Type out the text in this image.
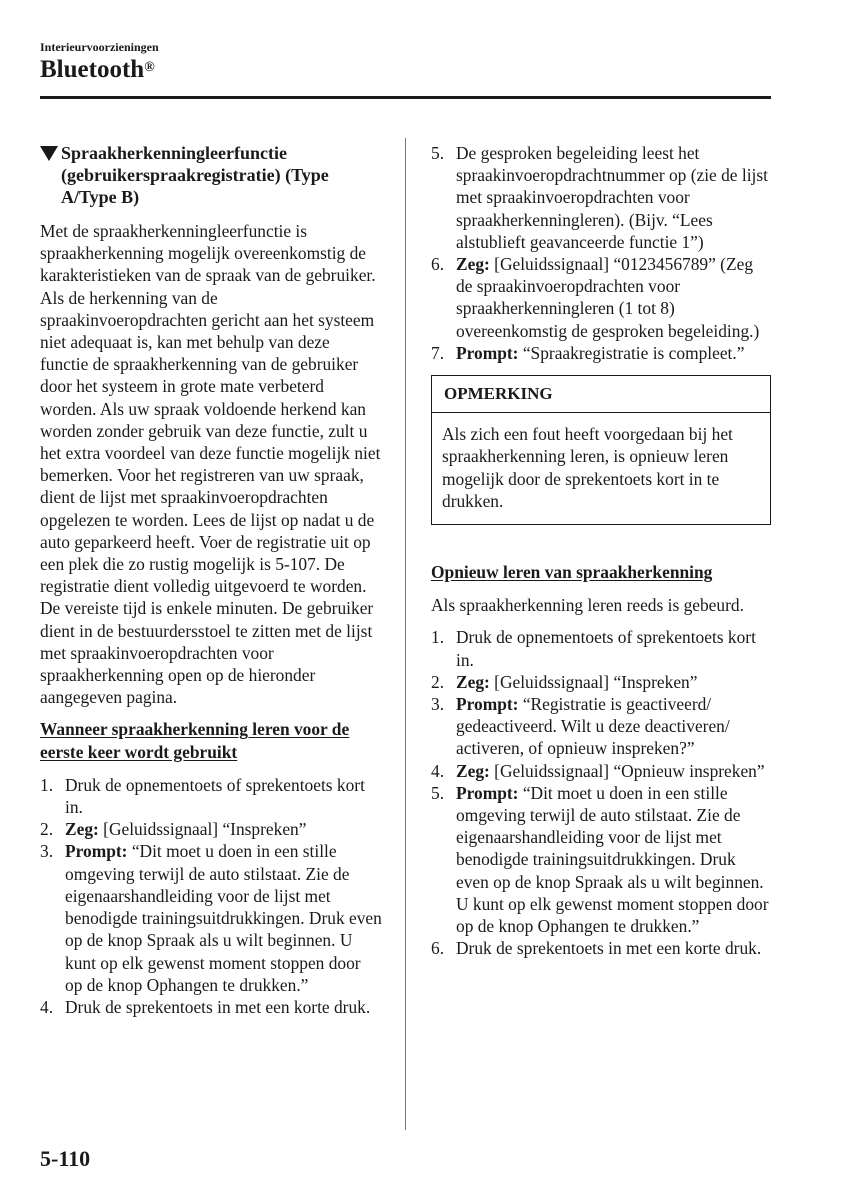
Interieurvoorzieningen
Bluetooth®
Spraakherkenningleerfunctie (gebruikerspraakregistratie) (Type A/Type B)

Met de spraakherkenningleerfunctie is spraakherkenning mogelijk overeenkomstig de karakteristieken van de spraak van de gebruiker. Als de herkenning van de spraakinvoeropdrachten gericht aan het systeem niet adequaat is, kan met behulp van deze functie de spraakherkenning van de gebruiker door het systeem in grote mate verbeterd worden. Als uw spraak voldoende herkend kan worden zonder gebruik van deze functie, zult u het extra voordeel van deze functie mogelijk niet bemerken. Voor het registreren van uw spraak, dient de lijst met spraakinvoeropdrachten opgelezen te worden. Lees de lijst op nadat u de auto geparkeerd heeft. Voer de registratie uit op een plek die zo rustig mogelijk is 5-107. De registratie dient volledig uitgevoerd te worden. De vereiste tijd is enkele minuten. De gebruiker dient in de bestuurdersstoel te zitten met de lijst met spraakinvoeropdrachten voor spraakherkenning open op de hieronder aangegeven pagina.

Wanneer spraakherkenning leren voor de eerste keer wordt gebruikt

1. Druk de opnementoets of sprekentoets kort in.
2. Zeg: [Geluidssignaal] “Inspreken”
3. Prompt: “Dit moet u doen in een stille omgeving terwijl de auto stilstaat. Zie de eigenaarshandleiding voor de lijst met benodigde trainingsuitdrukkingen. Druk even op de knop Spraak als u wilt beginnen. U kunt op elk gewenst moment stoppen door op de knop Ophangen te drukken.”
4. Druk de sprekentoets in met een korte druk.
5. De gesproken begeleiding leest het spraakinvoeropdrachtnummer op (zie de lijst met spraakinvoeropdrachten voor spraakherkenningleren). (Bijv. “Lees alstublieft geavanceerde functie 1”)
6. Zeg: [Geluidssignaal] “0123456789” (Zeg de spraakinvoeropdrachten voor spraakherkenningleren (1 tot 8) overeenkomstig de gesproken begeleiding.)
7. Prompt: “Spraakregistratie is compleet.”
OPMERKING
Als zich een fout heeft voorgedaan bij het spraakherkenning leren, is opnieuw leren mogelijk door de sprekentoets kort in te drukken.

Opnieuw leren van spraakherkenning

Als spraakherkenning leren reeds is gebeurd.

1. Druk de opnementoets of sprekentoets kort in.
2. Zeg: [Geluidssignaal] “Inspreken”
3. Prompt: “Registratie is geactiveerd/ gedeactiveerd. Wilt u deze deactiveren/ activeren, of opnieuw inspreken?”
4. Zeg: [Geluidssignaal] “Opnieuw inspreken”
5. Prompt: “Dit moet u doen in een stille omgeving terwijl de auto stilstaat. Zie de eigenaarshandleiding voor de lijst met benodigde trainingsuitdrukkingen. Druk even op de knop Spraak als u wilt beginnen. U kunt op elk gewenst moment stoppen door op de knop Ophangen te drukken.”
6. Druk de sprekentoets in met een korte druk.
5-110
